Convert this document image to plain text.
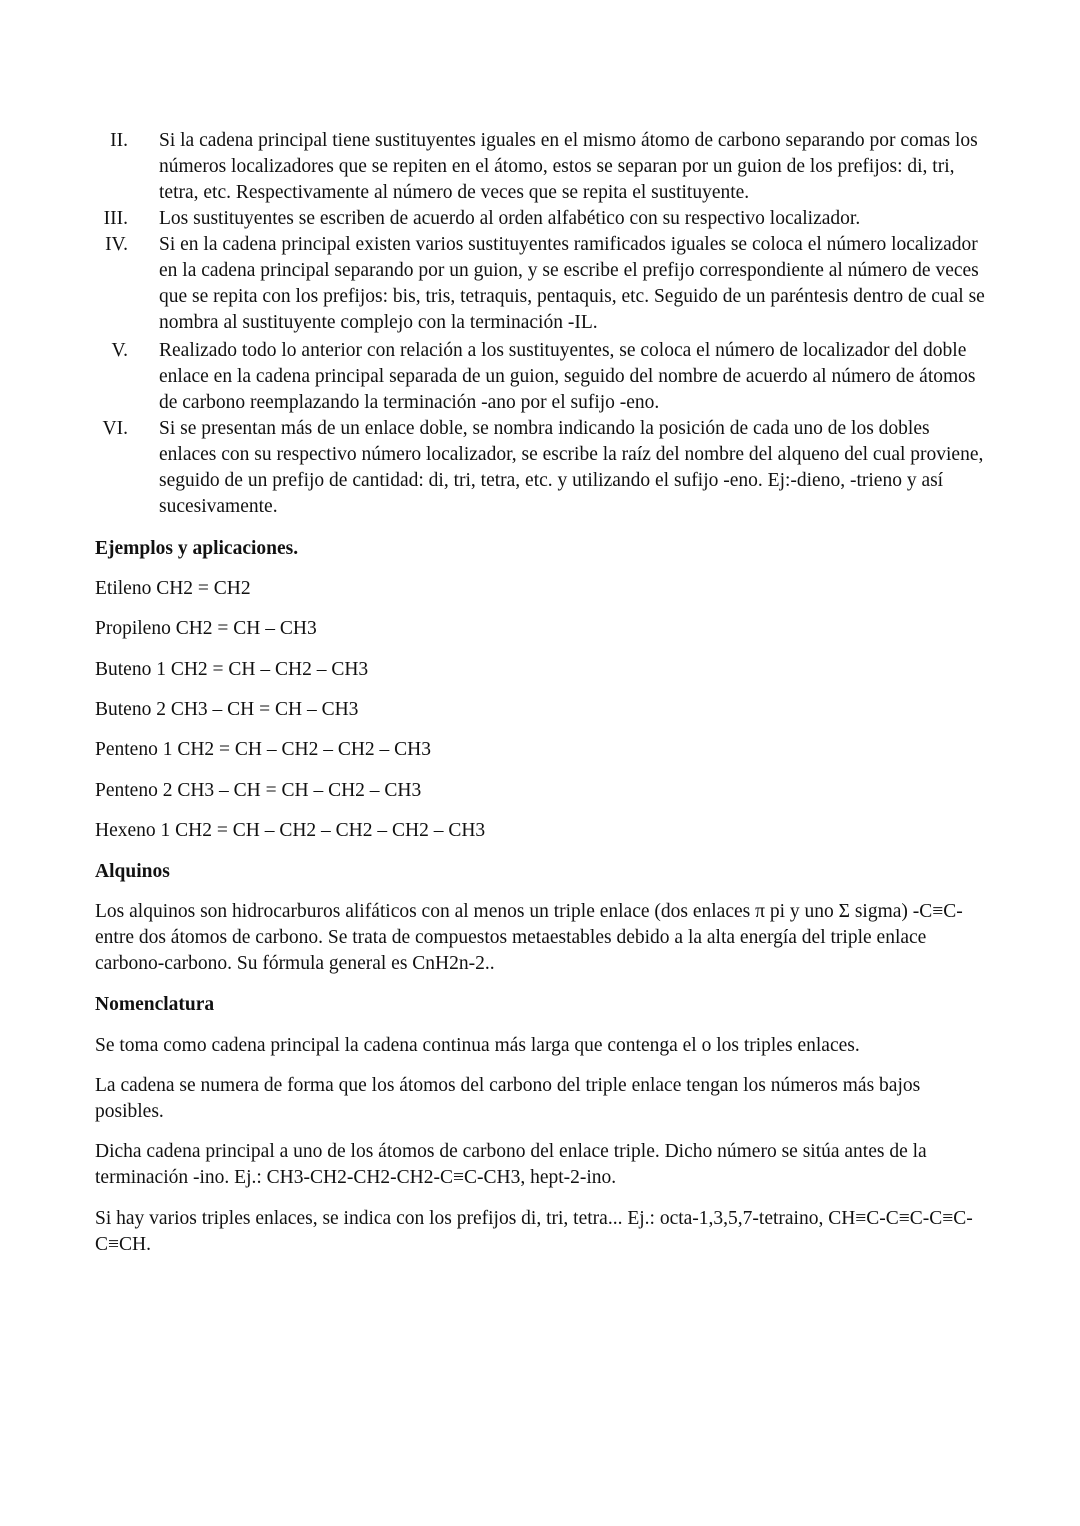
II. Si la cadena principal tiene sustituyentes iguales en el mismo átomo de carbono separando por comas los números localizadores que se repiten en el átomo, estos se separan por un guion de los prefijos: di, tri, tetra, etc. Respectivamente al número de veces que se repita el sustituyente.
III. Los sustituyentes se escriben de acuerdo al orden alfabético con su respectivo localizador.
IV. Si en la cadena principal existen varios sustituyentes ramificados iguales se coloca el número localizador en la cadena principal separando por un guion, y se escribe el prefijo correspondiente al número de veces que se repita con los prefijos: bis, tris, tetraquis, pentaquis, etc. Seguido de un paréntesis dentro de cual se nombra al sustituyente complejo con la terminación -IL.
V. Realizado todo lo anterior con relación a los sustituyentes, se coloca el número de localizador del doble enlace en la cadena principal separada de un guion, seguido del nombre de acuerdo al número de átomos de carbono reemplazando la terminación -ano por el sufijo -eno.
VI. Si se presentan más de un enlace doble, se nombra indicando la posición de cada uno de los dobles enlaces con su respectivo número localizador, se escribe la raíz del nombre del alqueno del cual proviene, seguido de un prefijo de cantidad: di, tri, tetra, etc. y utilizando el sufijo -eno. Ej:-dieno, -trieno y así sucesivamente.
Ejemplos y aplicaciones.

Etileno CH2 = CH2

Propileno CH2 = CH – CH3

Buteno 1 CH2 = CH – CH2 – CH3

Buteno 2 CH3 – CH = CH – CH3

Penteno 1 CH2 = CH – CH2 – CH2 – CH3

Penteno 2 CH3 – CH = CH – CH2 – CH3

Hexeno 1 CH2 = CH – CH2 – CH2 – CH2 – CH3

Alquinos

Los alquinos son hidrocarburos alifáticos con al menos un triple enlace (dos enlaces π pi y uno Σ sigma) -C≡C- entre dos átomos de carbono. Se trata de compuestos metaestables debido a la alta energía del triple enlace carbono-carbono. Su fórmula general es CnH2n-2..

Nomenclatura

Se toma como cadena principal la cadena continua más larga que contenga el o los triples enlaces.

La cadena se numera de forma que los átomos del carbono del triple enlace tengan los números más bajos posibles.

Dicha cadena principal a uno de los átomos de carbono del enlace triple. Dicho número se sitúa antes de la terminación -ino. Ej.: CH3-CH2-CH2-CH2-C≡C-CH3, hept-2-ino.

Si hay varios triples enlaces, se indica con los prefijos di, tri, tetra... Ej.: octa-1,3,5,7-tetraino, CH≡C-C≡C-C≡C-C≡CH.
